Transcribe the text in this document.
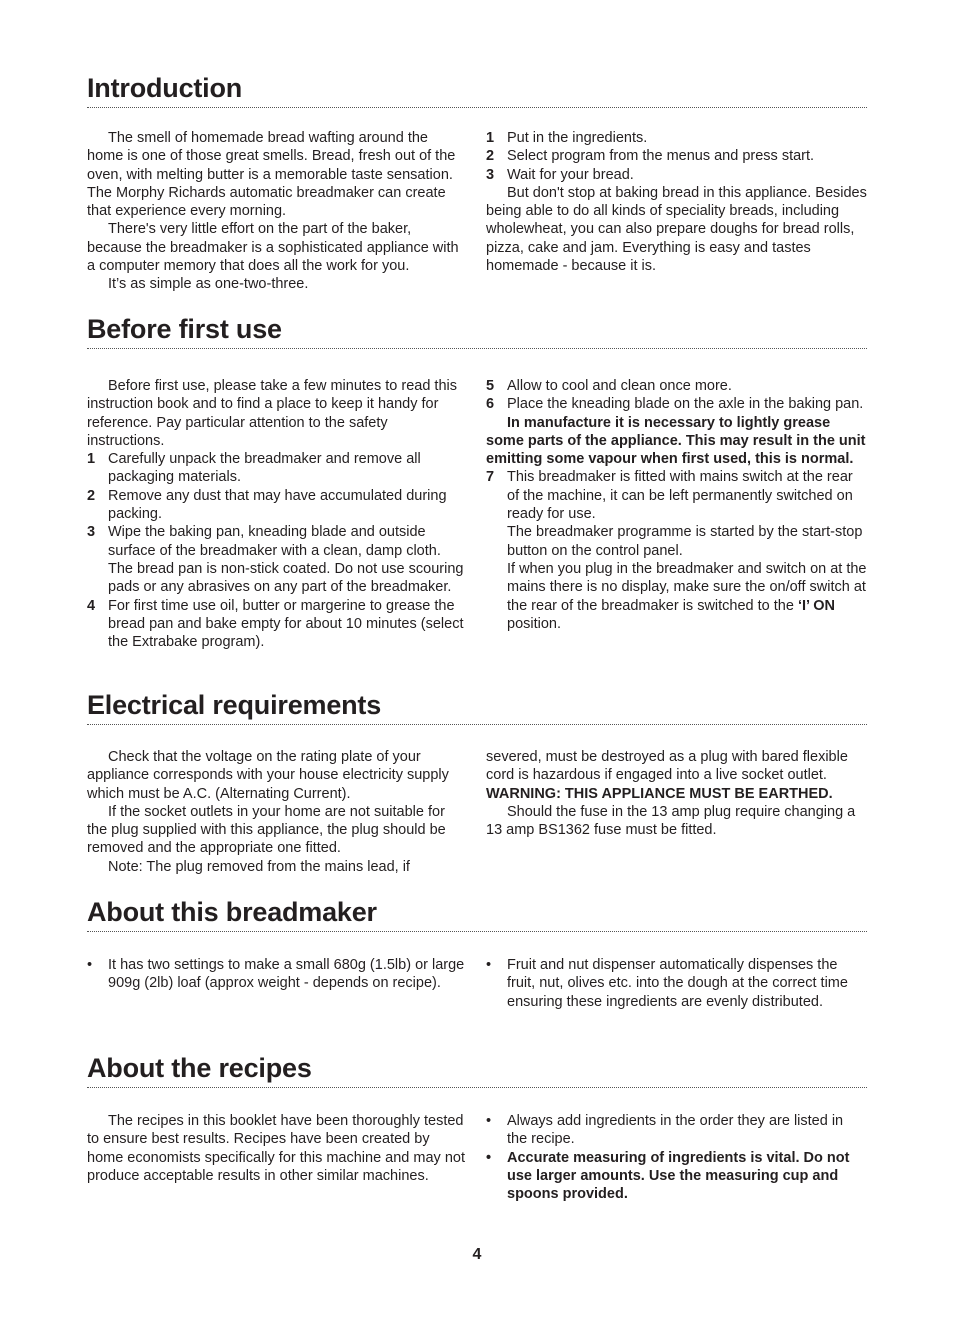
Introduction

The smell of homemade bread wafting around the home is one of those great smells. Bread, fresh out of the oven, with melting butter is a memorable taste sensation. The Morphy Richards automatic breadmaker can create that experience every morning.

There's very little effort on the part of the baker, because the breadmaker is a sophisticated appliance with a computer memory that does all the work for you.

It’s as simple as one-two-three.

1 Put in the ingredients.
2 Select program from the menus and press start.
3 Wait for your bread.

But don't stop at baking bread in this appliance. Besides being able to do all kinds of speciality breads, including wholewheat, you can also prepare doughs for bread rolls, pizza, cake and jam. Everything is easy and tastes homemade - because it is.

Before first use

Before first use, please take a few minutes to read this instruction book and to find a place to keep it handy for reference. Pay particular attention to the safety instructions.

1 Carefully unpack the breadmaker and remove all packaging materials.
2 Remove any dust that may have accumulated during packing.
3 Wipe the baking pan, kneading blade and outside surface of the breadmaker with a clean, damp cloth. The bread pan is non-stick coated. Do not use scouring pads or any abrasives on any part of the breadmaker.
4 For first time use oil, butter or margerine to grease the bread pan and bake empty for about 10 minutes (select the Extrabake program).
5 Allow to cool and clean once more.
6 Place the kneading blade on the axle in the baking pan.

In manufacture it is necessary to lightly grease

some parts of the appliance. This may result in the unit emitting some vapour when first used, this is normal.

7 This breadmaker is fitted with mains switch at the rear of the machine, it can be left permanently switched on ready for use.

The breadmaker programme is started by the start-stop button on the control panel.

If when you plug in the breadmaker and switch on at the mains there is no display, make sure the on/off switch at the rear of the breadmaker is switched to the ‘I’ ON position.

Electrical requirements

Check that the voltage on the rating plate of your appliance corresponds with your house electricity supply which must be A.C. (Alternating Current).

If the socket outlets in your home are not suitable for the plug supplied with this appliance, the plug should be removed and the appropriate one fitted.

Note: The plug removed from the mains lead, if

severed, must be destroyed as a plug with bared flexible cord is hazardous if engaged into a live socket outlet.

WARNING: THIS APPLIANCE MUST BE EARTHED.

Should the fuse in the 13 amp plug require changing a 13 amp BS1362 fuse must be fitted.

About this breadmaker
•	It has two settings to make a small 680g (1.5lb) or large 909g (2lb) loaf (approx weight - depends on recipe).
•	Fruit and nut dispenser automatically dispenses the fruit, nut, olives etc. into the dough at the correct time ensuring these ingredients are evenly distributed.
About the recipes

The recipes in this booklet have been thoroughly tested to ensure best results. Recipes have been created by home economists specifically for this machine and may not produce acceptable results in other similar machines.

•	Always add ingredients in the order they are listed in the recipe.
•	Accurate measuring of ingredients is vital. Do not use larger amounts. Use the measuring cup and spoons provided.
4
